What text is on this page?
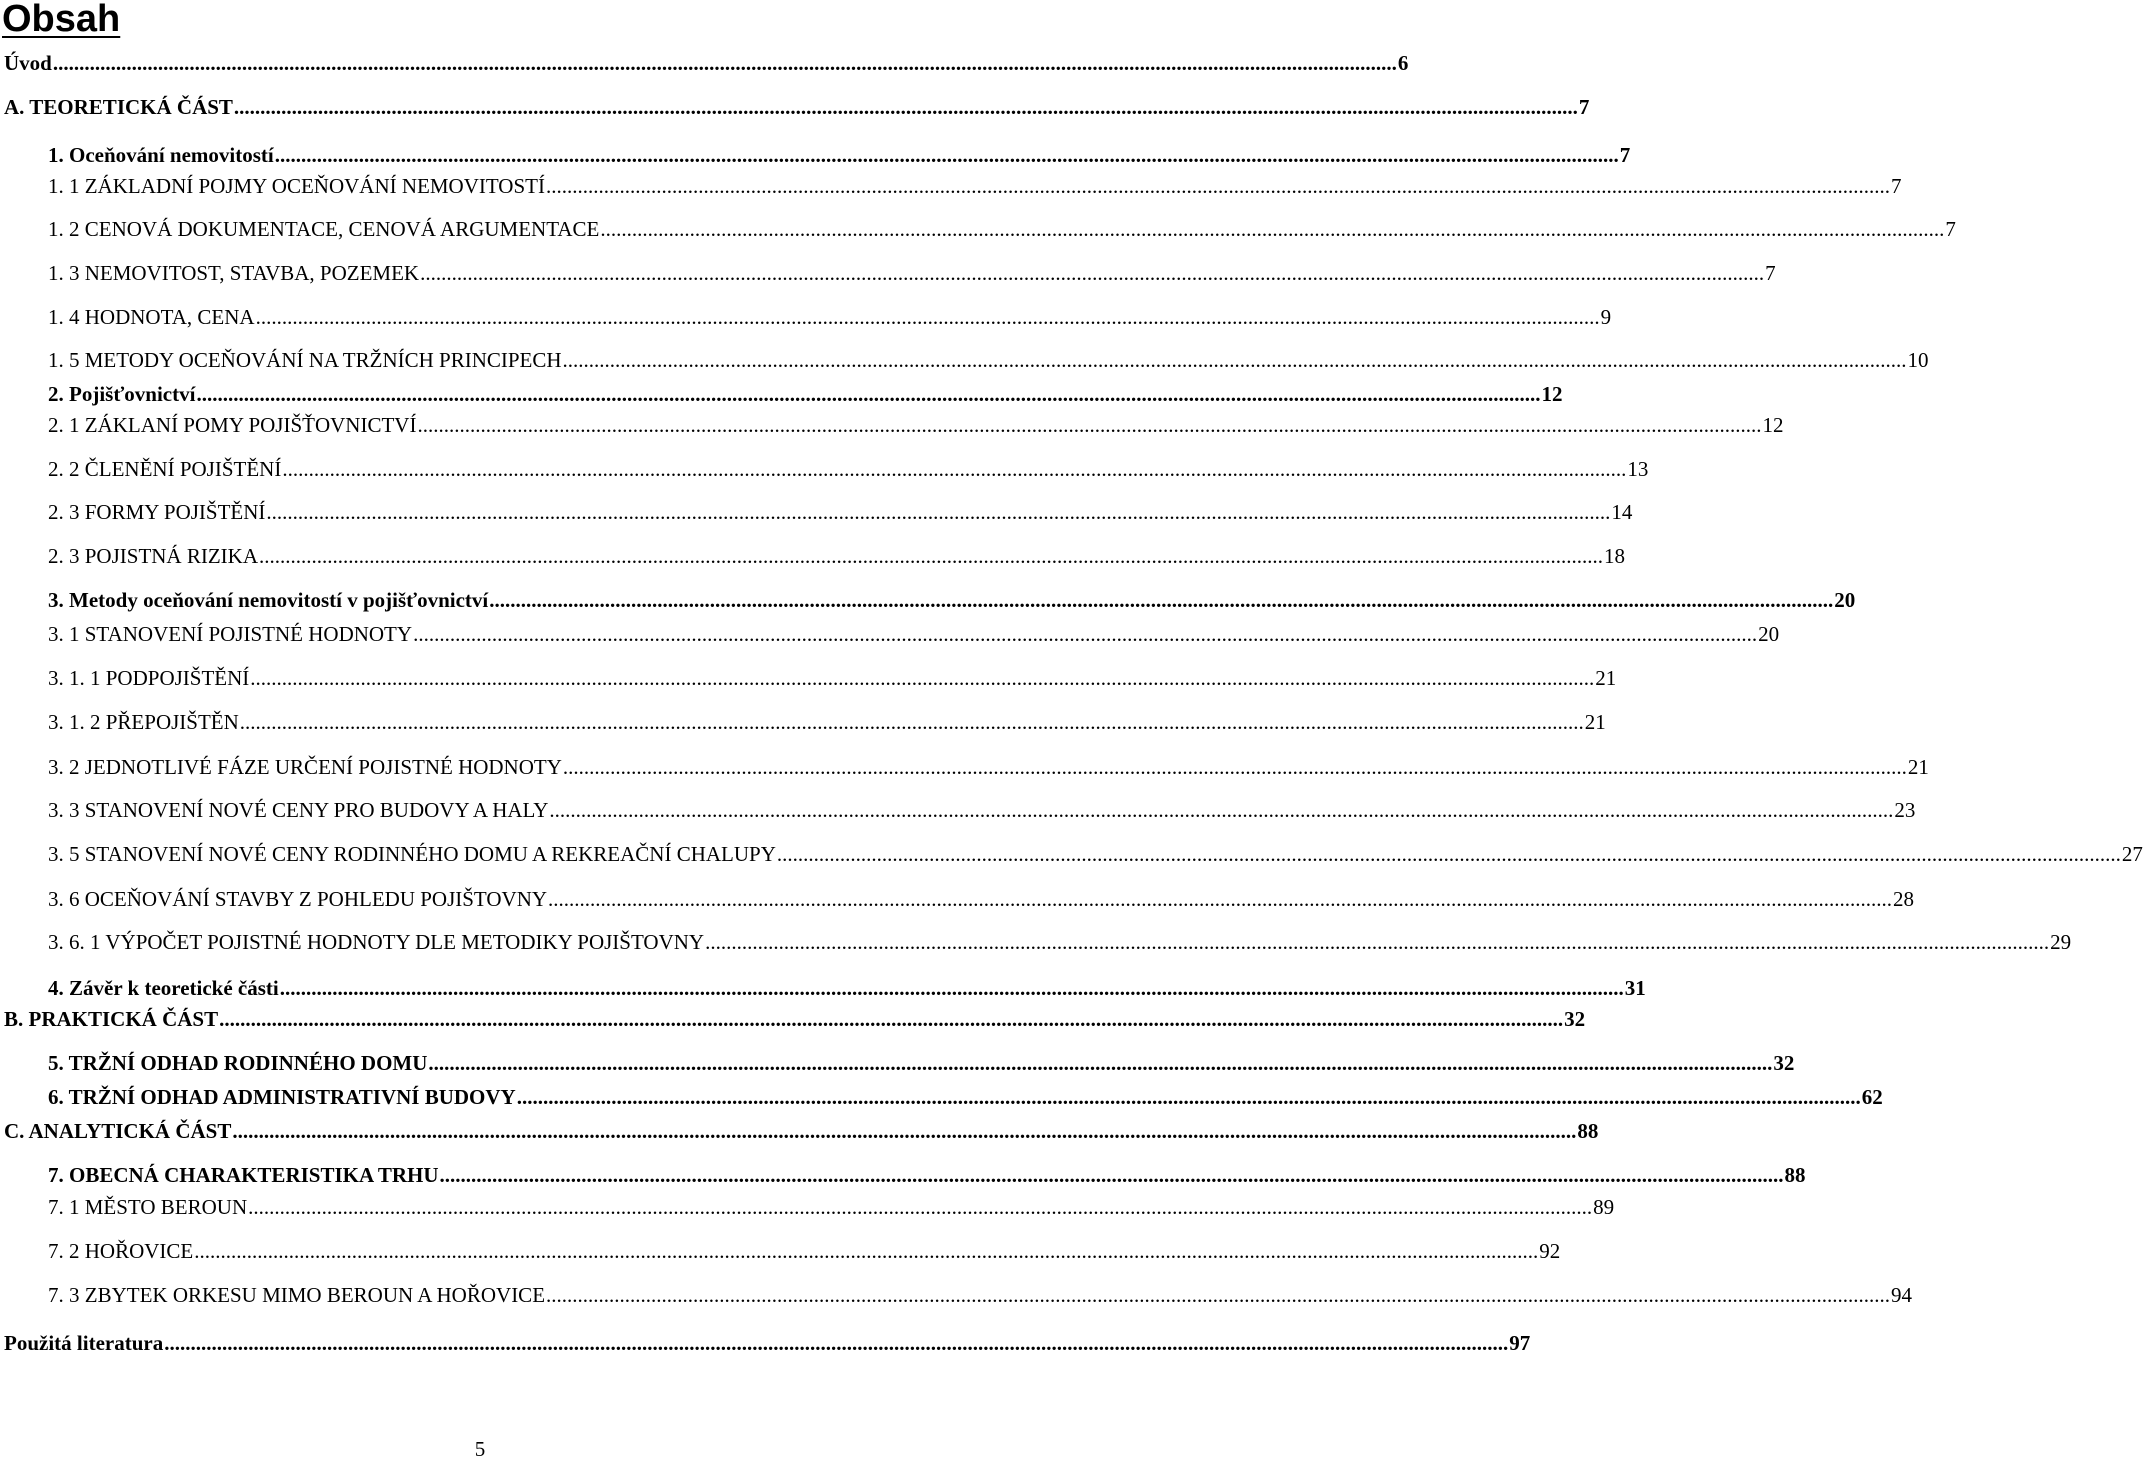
Obsah
Úvod .....	6
A. TEORETICKÁ ČÁST .....	7
1. Oceňování nemovitostí .....	7
1. 1 ZÁKLADNÍ POJMY OCEŇOVÁNÍ NEMOVITOSTÍ .....	7
1. 2 CENOVÁ DOKUMENTACE, CENOVÁ ARGUMENTACE .....	7
1. 3 NEMOVITOST, STAVBA, POZEMEK .....	7
1. 4 HODNOTA, CENA .....	9
1. 5 METODY OCEŇOVÁNÍ NA TRŽNÍCH PRINCIPECH .....	10
2. Pojišťovnictví .....	12
2. 1 ZÁKLANÍ POMY POJIŠŤOVNICTVÍ .....	12
2. 2 ČLENĚNÍ POJIŠTĚNÍ .....	13
2. 3 FORMY POJIŠTĚNÍ .....	14
2. 3 POJISTNÁ RIZIKA .....	18
3. Metody oceňování nemovitostí v pojišťovnictví .....	20
3. 1 STANOVENÍ POJISTNÉ HODNOTY .....	20
3. 1. 1 PODPOJIŠTĚNÍ .....	21
3. 1. 2 PŘEPOJIŠTĚN .....	21
3. 2 JEDNOTLIVÉ FÁZE URČENÍ POJISTNÉ HODNOTY .....	21
3. 3 STANOVENÍ NOVÉ CENY PRO BUDOVY A HALY .....	23
3. 5 STANOVENÍ NOVÉ CENY RODINNÉHO DOMU A REKREAČNÍ CHALUPY .....	27
3. 6 OCEŇOVÁNÍ STAVBY Z POHLEDU POJIŠTOVNY .....	28
3. 6. 1 VÝPOČET POJISTNÉ HODNOTY DLE METODIKY POJIŠTOVNY .....	29
4. Závěr k teoretické části .....	31
B. PRAKTICKÁ ČÁST .....	32
5. TRŽNÍ ODHAD RODINNÉHO DOMU .....	32
6. TRŽNÍ ODHAD ADMINISTRATIVNÍ BUDOVY .....	62
C. ANALYTICKÁ ČÁST .....	88
7. OBECNÁ CHARAKTERISTIKA TRHU .....	88
7. 1 MĚSTO BEROUN .....	89
7. 2 HOŘOVICE .....	92
7. 3 ZBYTEK ORKESU MIMO BEROUN A HOŘOVICE .....	94
Použitá literatura .....	97
5
